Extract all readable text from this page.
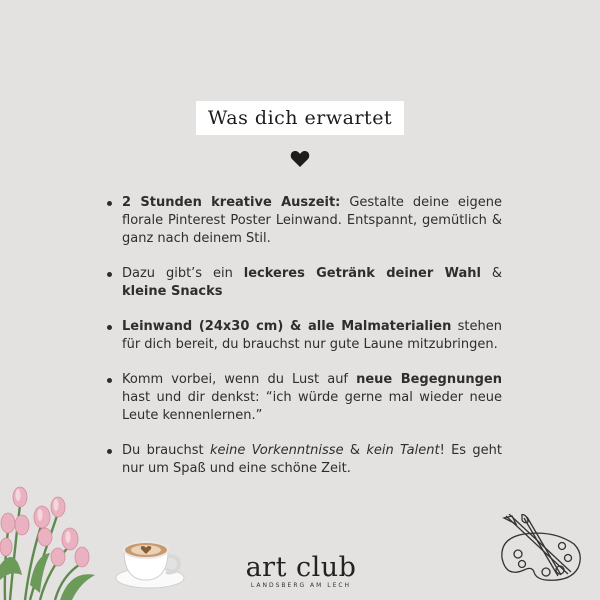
Was dich erwartet
2 Stunden kreative Auszeit: Gestalte deine eigene florale Pinterest Poster Leinwand. Entspannt, gemütlich & ganz nach deinem Stil.
Dazu gibt’s ein leckeres Getränk deiner Wahl & kleine Snacks
Leinwand (24x30 cm) & alle Malmaterialien stehen für dich bereit, du brauchst nur gute Laune mitzubringen.
Komm vorbei, wenn du Lust auf neue Begegnungen hast und dir denkst: “ich würde gerne mal wieder neue Leute kennenlernen.”
Du brauchst keine Vorkenntnisse & kein Talent! Es geht nur um Spaß und eine schöne Zeit.
art club
LANDSBERG AM LECH
